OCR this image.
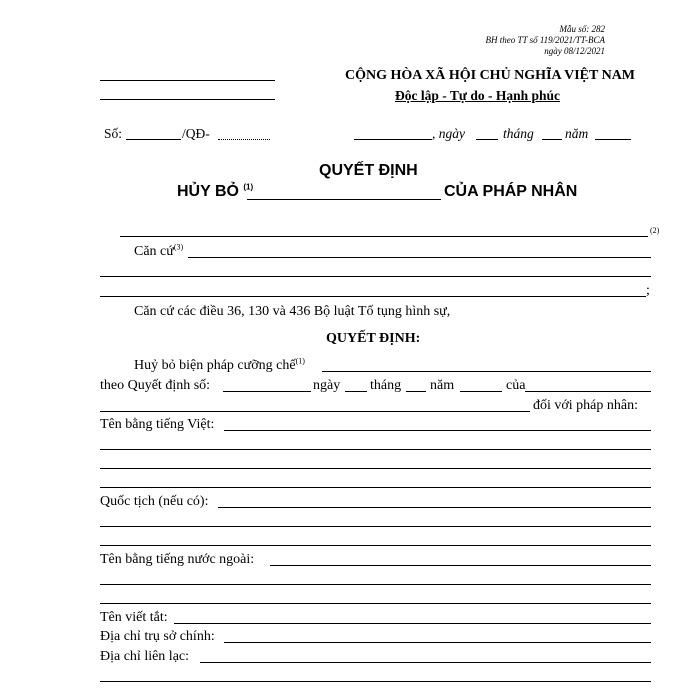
Mẫu số: 282
BH theo TT số 119/2021/TT-BCA
ngày 08/12/2021
CỘNG HÒA XÃ HỘI CHỦ NGHĨA VIỆT NAM
Độc lập - Tự do - Hạnh phúc
Số:	/QĐ-	, ngày	tháng năm
QUYẾT ĐỊNH
HỦY BỎ $^{(1)}$	CỦA PHÁP NHÂN
(2)
Căn cứ$^{(3)}$
;
Căn cứ các điều 36, 130 và 436 Bộ luật Tố tụng hình sự,
QUYẾT ĐỊNH:
Huỷ bỏ biện pháp cưỡng chế$^{(1)}$
theo Quyết định số:	ngày tháng năm	của
đối với pháp nhân:
Tên bằng tiếng Việt:
Quốc tịch (nếu có):
Tên bằng tiếng nước ngoài:
Tên viết tắt:
Địa chỉ trụ sở chính:
Địa chỉ liên lạc:
